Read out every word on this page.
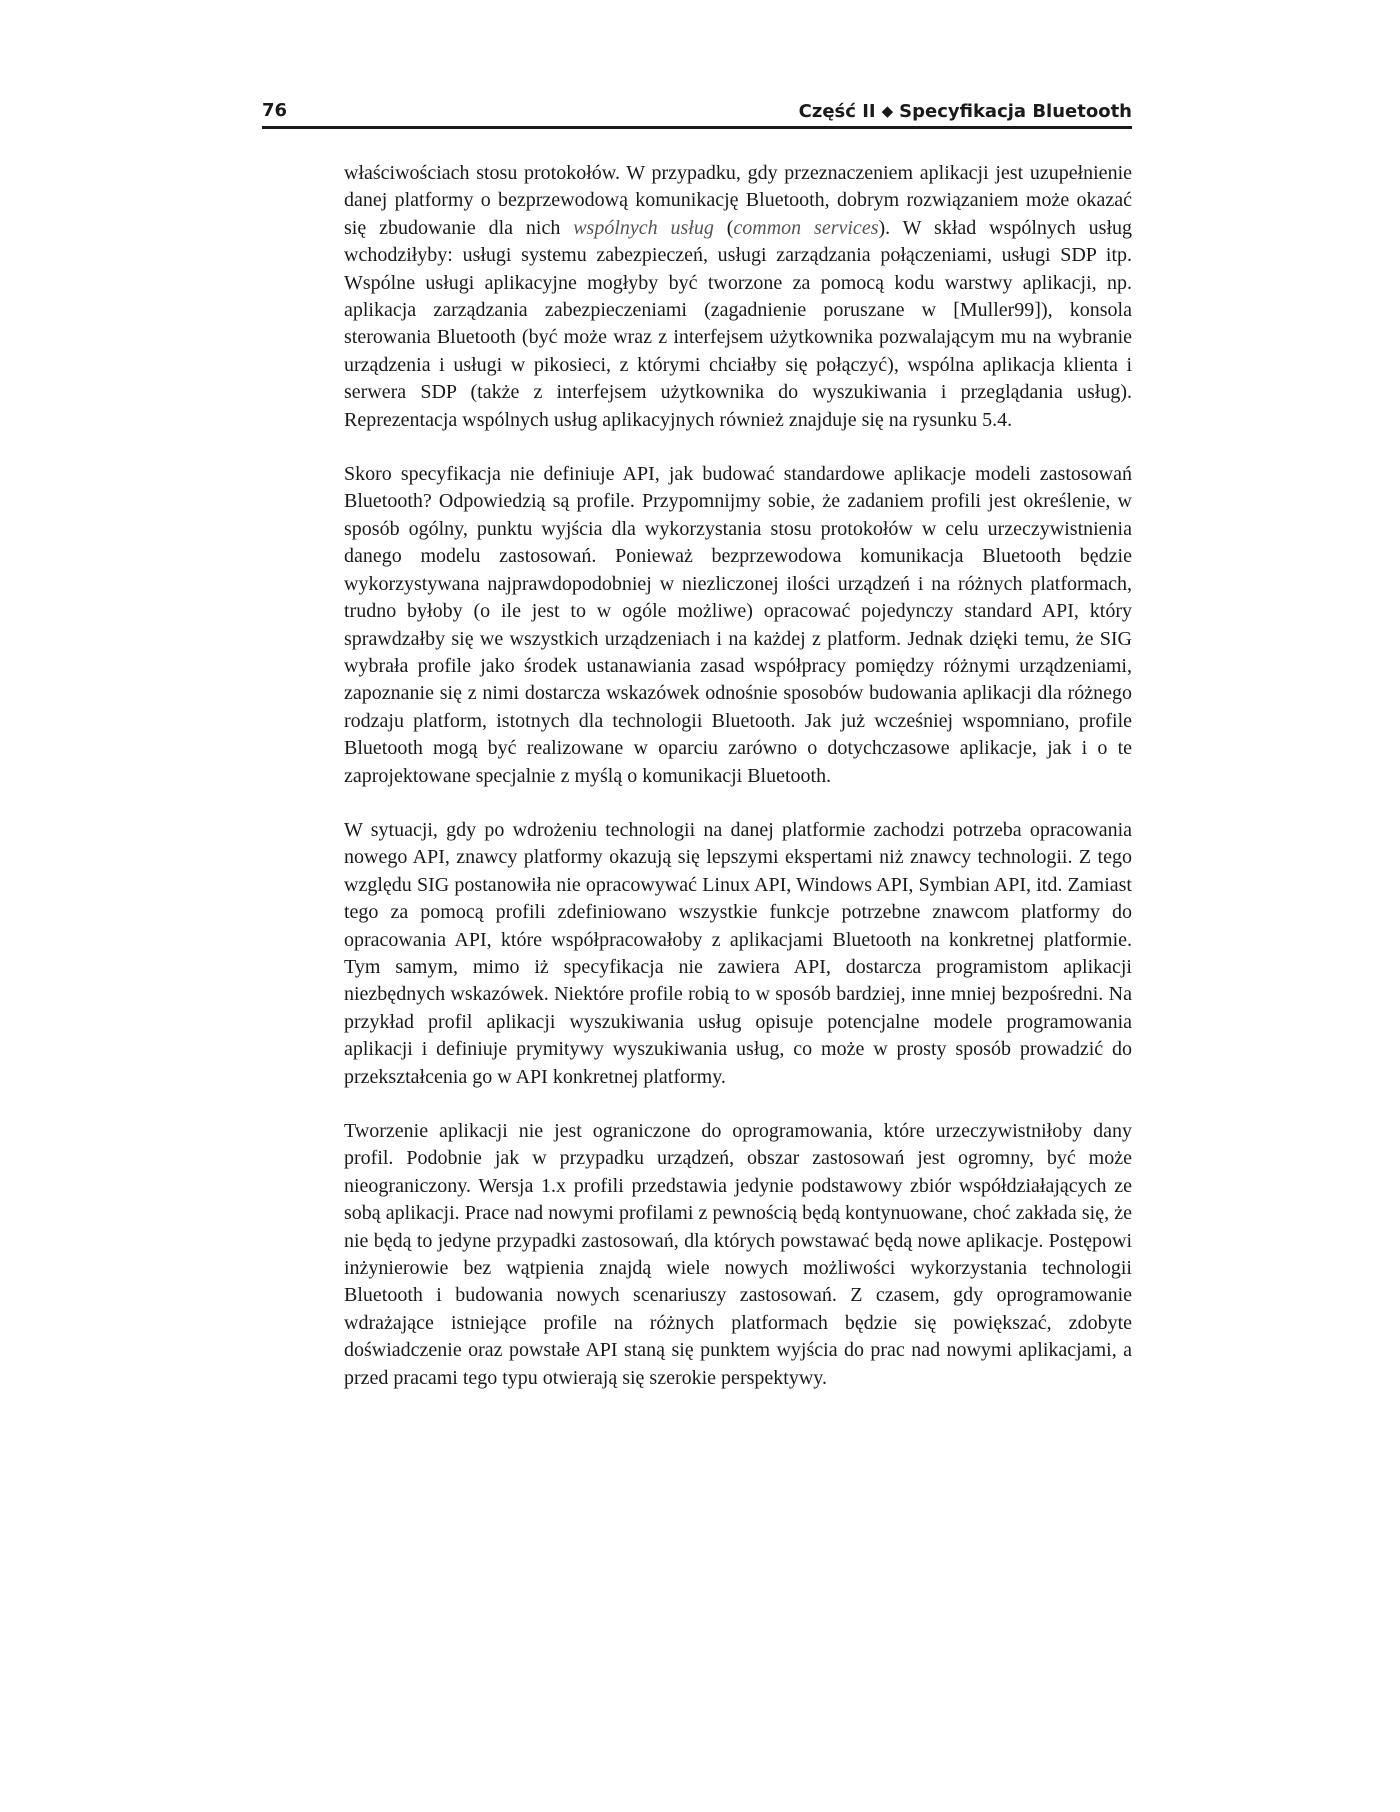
76	Część II ◆ Specyfikacja Bluetooth

właściwościach stosu protokołów. W przypadku, gdy przeznaczeniem aplikacji jest uzupełnienie danej platformy o bezprzewodową komunikację Bluetooth, dobrym rozwiązaniem może okazać się zbudowanie dla nich wspólnych usług (common services). W skład wspólnych usług wchodziłyby: usługi systemu zabezpieczeń, usługi zarządzania połączeniami, usługi SDP itp. Wspólne usługi aplikacyjne mogłyby być tworzone za pomocą kodu warstwy aplikacji, np. aplikacja zarządzania zabezpieczeniami (zagadnienie poruszane w [Muller99]), konsola sterowania Bluetooth (być może wraz z interfejsem użytkownika pozwalającym mu na wybranie urządzenia i usługi w pikosieci, z którymi chciałby się połączyć), wspólna aplikacja klienta i serwera SDP (także z interfejsem użytkownika do wyszukiwania i przeglądania usług). Reprezentacja wspólnych usług aplikacyjnych również znajduje się na rysunku 5.4.

Skoro specyfikacja nie definiuje API, jak budować standardowe aplikacje modeli zastosowań Bluetooth? Odpowiedzią są profile. Przypomnijmy sobie, że zadaniem profili jest określenie, w sposób ogólny, punktu wyjścia dla wykorzystania stosu protokołów w celu urzeczywistnienia danego modelu zastosowań. Ponieważ bezprzewodowa komunikacja Bluetooth będzie wykorzystywana najprawdopodobniej w niezliczonej ilości urządzeń i na różnych platformach, trudno byłoby (o ile jest to w ogóle możliwe) opracować pojedynczy standard API, który sprawdzałby się we wszystkich urządzeniach i na każdej z platform. Jednak dzięki temu, że SIG wybrała profile jako środek ustanawiania zasad współpracy pomiędzy różnymi urządzeniami, zapoznanie się z nimi dostarcza wskazówek odnośnie sposobów budowania aplikacji dla różnego rodzaju platform, istotnych dla technologii Bluetooth. Jak już wcześniej wspomniano, profile Bluetooth mogą być realizowane w oparciu zarówno o dotychczasowe aplikacje, jak i o te zaprojektowane specjalnie z myślą o komunikacji Bluetooth.

W sytuacji, gdy po wdrożeniu technologii na danej platformie zachodzi potrzeba opracowania nowego API, znawcy platformy okazują się lepszymi ekspertami niż znawcy technologii. Z tego względu SIG postanowiła nie opracowywać Linux API, Windows API, Symbian API, itd. Zamiast tego za pomocą profili zdefiniowano wszystkie funkcje potrzebne znawcom platformy do opracowania API, które współpracowałoby z aplikacjami Bluetooth na konkretnej platformie. Tym samym, mimo iż specyfikacja nie zawiera API, dostarcza programistom aplikacji niezbędnych wskazówek. Niektóre profile robią to w sposób bardziej, inne mniej bezpośredni. Na przykład profil aplikacji wyszukiwania usług opisuje potencjalne modele programowania aplikacji i definiuje prymitywy wyszukiwania usług, co może w prosty sposób prowadzić do przekształcenia go w API konkretnej platformy.

Tworzenie aplikacji nie jest ograniczone do oprogramowania, które urzeczywistniłoby dany profil. Podobnie jak w przypadku urządzeń, obszar zastosowań jest ogromny, być może nieograniczony. Wersja 1.x profili przedstawia jedynie podstawowy zbiór współdziałających ze sobą aplikacji. Prace nad nowymi profilami z pewnością będą kontynuowane, choć zakłada się, że nie będą to jedyne przypadki zastosowań, dla których powstawać będą nowe aplikacje. Postępowi inżynierowie bez wątpienia znajdą wiele nowych możliwości wykorzystania technologii Bluetooth i budowania nowych scenariuszy zastosowań. Z czasem, gdy oprogramowanie wdrażające istniejące profile na różnych platformach będzie się powiększać, zdobyte doświadczenie oraz powstałe API staną się punktem wyjścia do prac nad nowymi aplikacjami, a przed pracami tego typu otwierają się szerokie perspektywy.
